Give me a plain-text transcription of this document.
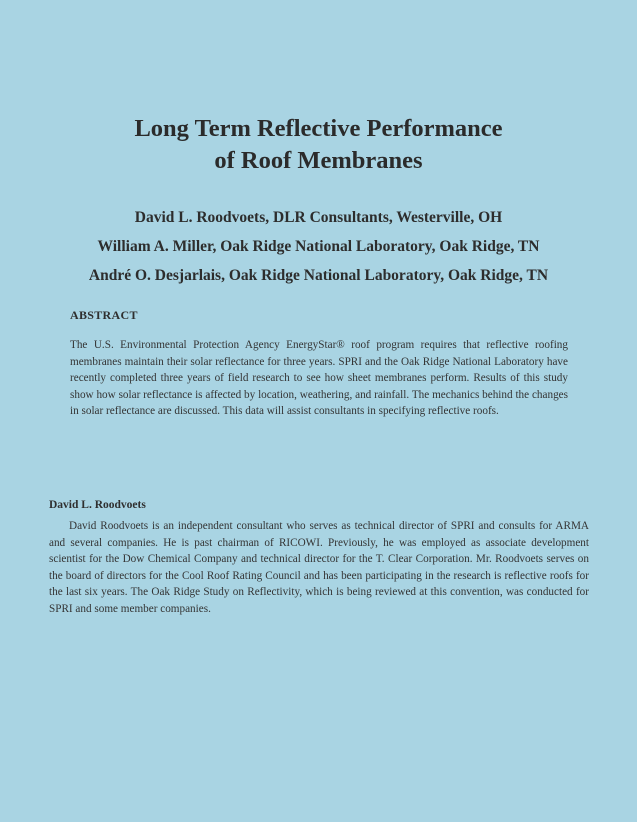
Long Term Reflective Performance
of Roof Membranes
David L. Roodvoets, DLR Consultants, Westerville, OH
William A. Miller, Oak Ridge National Laboratory, Oak Ridge, TN
André O. Desjarlais, Oak Ridge National Laboratory, Oak Ridge, TN
ABSTRACT
The U.S. Environmental Protection Agency EnergyStar® roof program requires that reflective roofing membranes maintain their solar reflectance for three years. SPRI and the Oak Ridge National Laboratory have recently completed three years of field research to see how sheet membranes perform. Results of this study show how solar reflectance is affected by location, weathering, and rainfall. The mechanics behind the changes in solar reflectance are discussed. This data will assist consultants in specifying reflective roofs.
David L. Roodvoets
David Roodvoets is an independent consultant who serves as technical director of SPRI and consults for ARMA and several companies. He is past chairman of RICOWI. Previously, he was employed as associate development scientist for the Dow Chemical Company and technical director for the T. Clear Corporation. Mr. Roodvoets serves on the board of directors for the Cool Roof Rating Council and has been participating in the research is reflective roofs for the last six years. The Oak Ridge Study on Reflectivity, which is being reviewed at this convention, was conducted for SPRI and some member companies.
